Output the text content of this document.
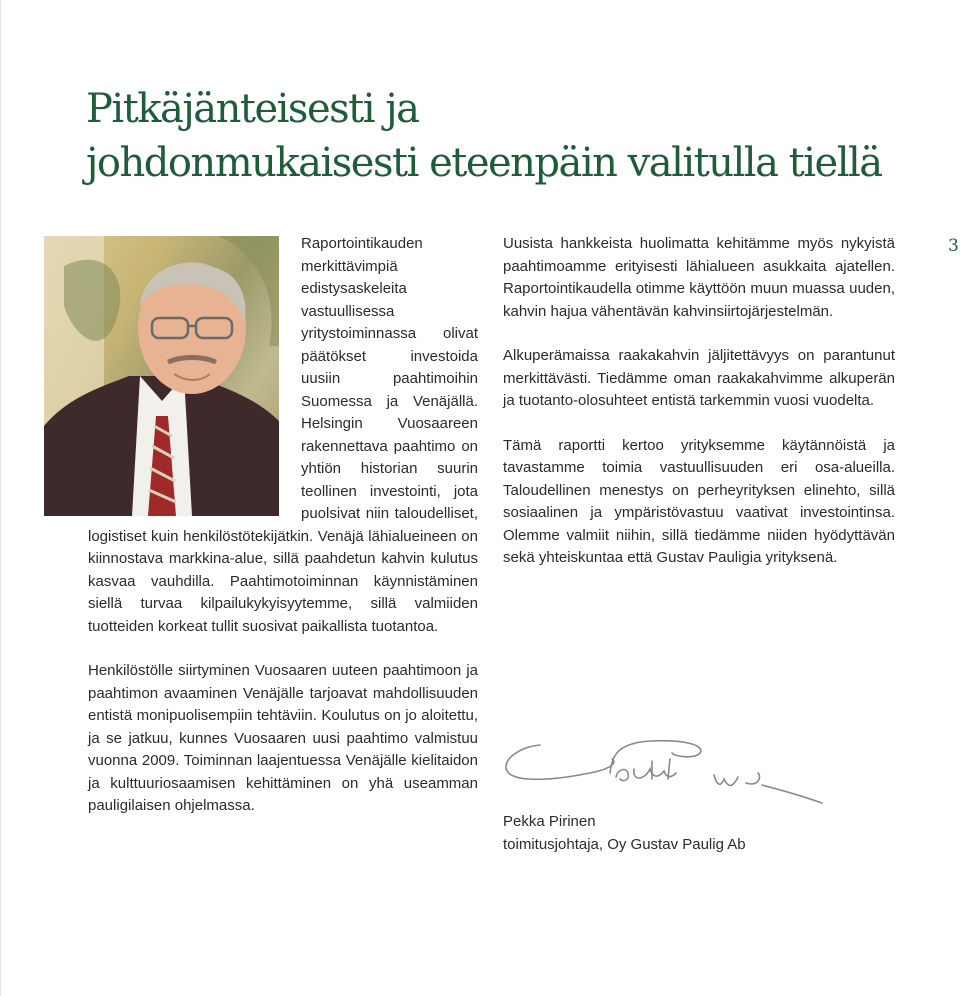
Pitkäjänteisesti ja
johdonmukaisesti eteenpäin valitulla tiellä
3

Raportointikauden merkittävimpiä edistysaskeleita vastuullisessa yritystoiminnassa olivat päätökset investoida uusiin paahtimoihin Suomessa ja Venäjällä. Helsingin Vuosaareen rakennettava paahtimo on yhtiön historian suurin teollinen investointi, jota puolsivat niin taloudelliset, logistiset kuin henkilöstötekijätkin. Venäjä lähialueineen on kiinnostava markkina-alue, sillä paahdetun kahvin kulutus kasvaa vauhdilla. Paahtimotoiminnan käynnistäminen siellä turvaa kilpailukykyisyytemme, sillä valmiiden tuotteiden korkeat tullit suosivat paikallista tuotantoa.

Henkilöstölle siirtyminen Vuosaaren uuteen paahtimoon ja paahtimon avaaminen Venäjälle tarjoavat mahdollisuuden entistä monipuolisempiin tehtäviin. Koulutus on jo aloitettu, ja se jatkuu, kunnes Vuosaaren uusi paahtimo valmistuu vuonna 2009. Toiminnan laajentuessa Venäjälle kielitaidon ja kulttuuriosaamisen kehittäminen on yhä useamman pauligilaisen ohjelmassa.

Uusista hankkeista huolimatta kehitämme myös nykyistä paahtimoamme erityisesti lähialueen asukkaita ajatellen. Raportointikaudella otimme käyttöön muun muassa uuden, kahvin hajua vähentävän kahvinsiirtojärjestelmän.

Alkuperämaissa raakakahvin jäljitettävyys on parantunut merkittävästi. Tiedämme oman raakakahvimme alkuperän ja tuotanto-olosuhteet entistä tarkemmin vuosi vuodelta.

Tämä raportti kertoo yrityksemme käytännöistä ja tavastamme toimia vastuullisuuden eri osa-alueilla. Taloudellinen menestys on perheyrityksen elinehto, sillä sosiaalinen ja ympäristövastuu vaativat investointinsa. Olemme valmiit niihin, sillä tiedämme niiden hyödyttävän sekä yhteiskuntaa että Gustav Pauligia yrityksenä.

Pekka Pirinen
toimitusjohtaja, Oy Gustav Paulig Ab
